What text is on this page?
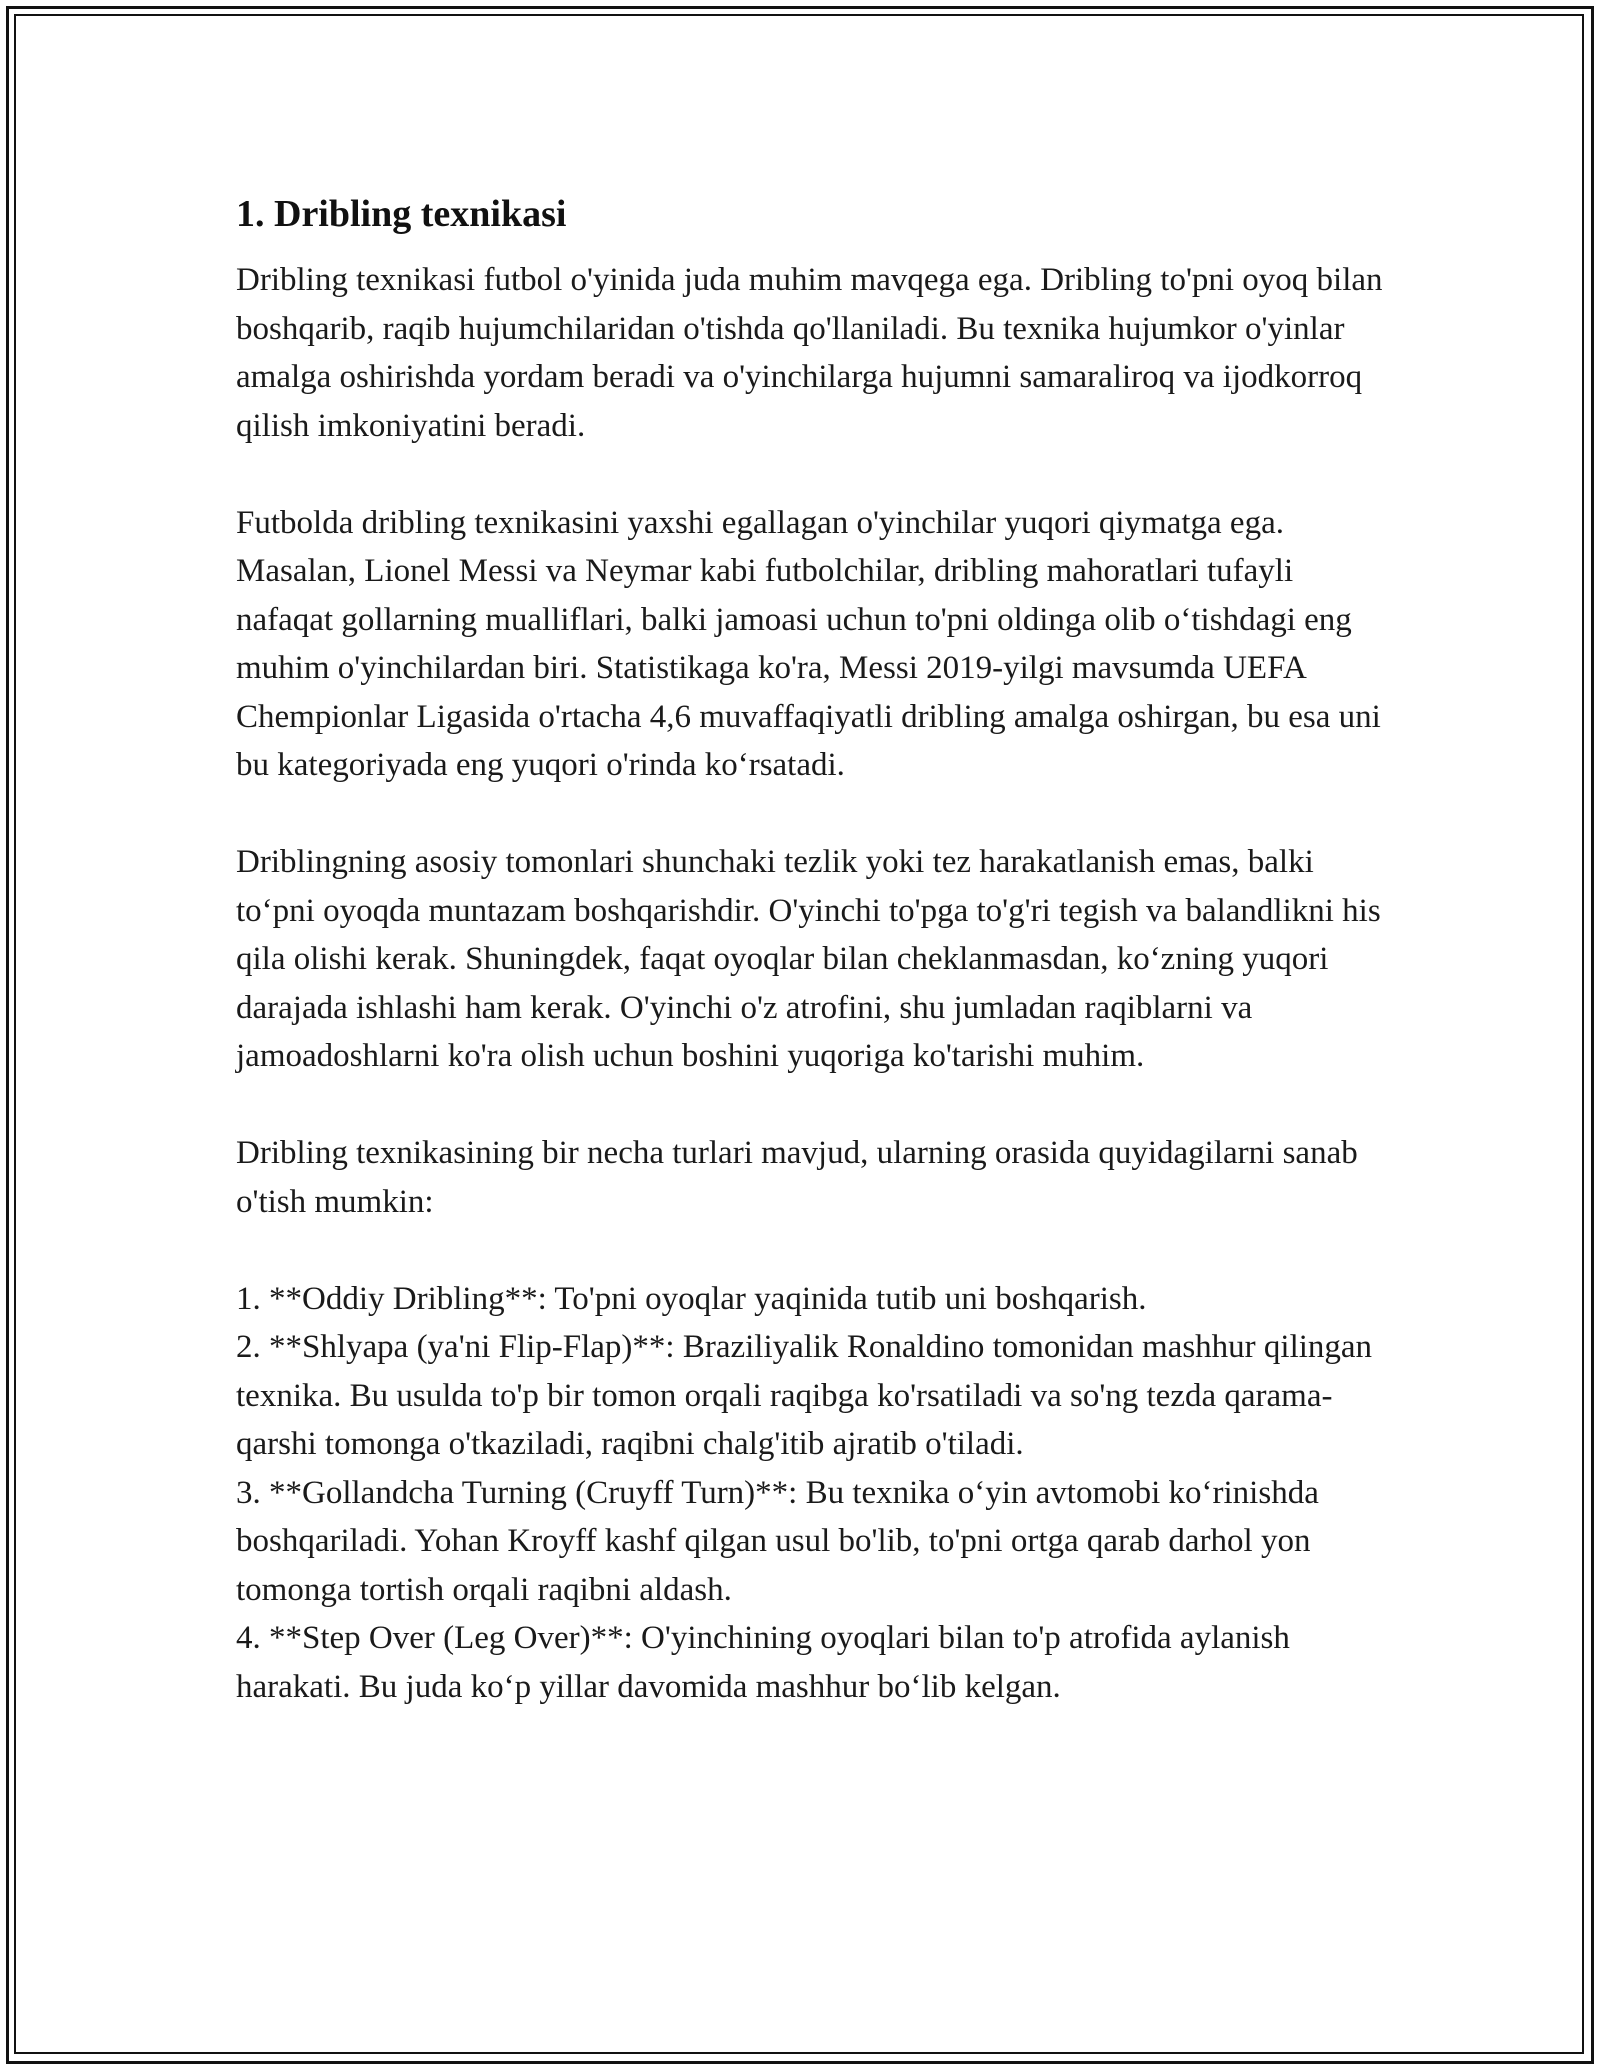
1. Dribling texnikasi

Dribling texnikasi futbol o'yinida juda muhim mavqega ega. Dribling to'pni oyoq bilan boshqarib, raqib hujumchilaridan o'tishda qo'llaniladi. Bu texnika hujumkor o'yinlar amalga oshirishda yordam beradi va o'yinchilarga hujumni samaraliroq va ijodkorroq qilish imkoniyatini beradi.

Futbolda dribling texnikasini yaxshi egallagan o'yinchilar yuqori qiymatga ega. Masalan, Lionel Messi va Neymar kabi futbolchilar, dribling mahoratlari tufayli nafaqat gollarning mualliflari, balki jamoasi uchun to'pni oldinga olib o‘tishdagi eng muhim o'yinchilardan biri. Statistikaga ko'ra, Messi 2019-yilgi mavsumda UEFA Chempionlar Ligasida o'rtacha 4,6 muvaffaqiyatli dribling amalga oshirgan, bu esa uni bu kategoriyada eng yuqori o'rinda ko‘rsatadi.

Driblingning asosiy tomonlari shunchaki tezlik yoki tez harakatlanish emas, balki to‘pni oyoqda muntazam boshqarishdir. O'yinchi to'pga to'g'ri tegish va balandlikni his qila olishi kerak. Shuningdek, faqat oyoqlar bilan cheklanmasdan, ko‘zning yuqori darajada ishlashi ham kerak. O'yinchi o'z atrofini, shu jumladan raqiblarni va jamoadoshlarni ko'ra olish uchun boshini yuqoriga ko'tarishi muhim.

Dribling texnikasining bir necha turlari mavjud, ularning orasida quyidagilarni sanab o'tish mumkin:

1. **Oddiy Dribling**: To'pni oyoqlar yaqinida tutib uni boshqarish.
2. **Shlyapa (ya'ni Flip-Flap)**: Braziliyalik Ronaldino tomonidan mashhur qilingan texnika. Bu usulda to'p bir tomon orqali raqibga ko'rsatiladi va so'ng tezda qarama-qarshi tomonga o'tkaziladi, raqibni chalg'itib ajratib o'tiladi.
3. **Gollandcha Turning (Cruyff Turn)**: Bu texnika o‘yin avtomobi ko‘rinishda boshqariladi. Yohan Kroyff kashf qilgan usul bo'lib, to'pni ortga qarab darhol yon tomonga tortish orqali raqibni aldash.
4. **Step Over (Leg Over)**: O'yinchining oyoqlari bilan to'p atrofida aylanish harakati. Bu juda ko‘p yillar davomida mashhur bo‘lib kelgan.
